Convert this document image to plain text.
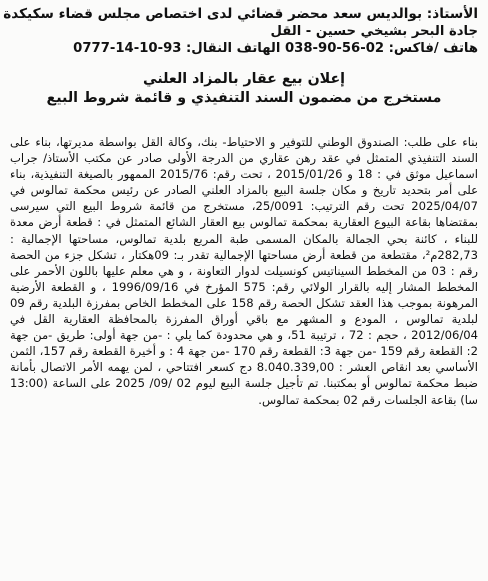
الأستاذ: بوالديس سعد محضر قضائي لدى اختصاص مجلس قضاء سكيكدة
جادة البحر بشيخي حسين - القل
هاتف /فاكس: 02-56-90-038 الهاتف النقال: 93-10-14-0777
إعلان بيع عقار بالمزاد العلني
مستخرج من مضمون السند التنفيذي و قائمة شروط البيع

بناء على طلب: الصندوق الوطني للتوفير و الاحتياط- بنك، وكالة القل بواسطة مديرتها، بناء على السند التنفيذي المتمثل في عقد رهن عقاري من الدرجة الأولى صادر عن مكتب الأستاذ/ جراب اسماعيل موثق في : 18 و 2015/01/26 ، تحت رقم: 2015/76 الممهور بالصيغة التنفيذية، بناء على أمر بتحديد تاريخ و مكان جلسة البيع بالمزاد العلني الصادر عن رئيس محكمة تمالوس في 2025/04/07 تحت رقم الترتيب: 25/0091، مستخرج من قائمة شروط البيع التي سيرسى بمقتضاها بقاعة البيوع العقارية بمحكمة تمالوس بيع العقار الشائع المتمثل في : قطعة أرض معدة للبناء ، كائنة بحي الجمالة بالمكان المسمى طبة المربع بلدية تمالوس، مساحتها الإجمالية : 282,73م²، مقتطعة من قطعة أرض مساحتها الإجمالية تقدر بـ: 09هكتار ، تشكل جزء من الحصة رقم : 03 من المخطط السيناتيس كونسيلت لدوار التعاونة ، و هي معلم عليها باللون الأحمر على المخطط المشار إليه بالقرار الولائي رقم: 575 المؤرخ في 1996/09/16 ، و القطعة الأرضية المرهونة بموجب هذا العقد تشكل الحصة رقم 158 على المخطط الخاص بمفرزة البلدية رقم 09 لبلدية تمالوس ، المودع و المشهر مع باقي أوراق المفرزة بالمحافظة العقارية القل في 2012/06/04 ، حجم : 72 ، ترتيبة 51، و هي محدودة كما يلي : -من جهة أولى: طريق -من جهة 2: القطعة رقم 159 -من جهة 3: القطعة رقم 170 -من جهة 4 : و أخيرة القطعة رقم 157، الثمن الأساسي بعد انقاص العشر : 8.040.339,00 دج كسعر افتتاحي ، لمن يهمه الأمر الاتصال بأمانة ضبط محكمة تمالوس أو بمكتبنا. تم تأجيل جلسة البيع ليوم 02 /09/ 2025 على الساعة (13:00 سا) بقاعة الجلسات رقم 02 بمحكمة تمالوس.
